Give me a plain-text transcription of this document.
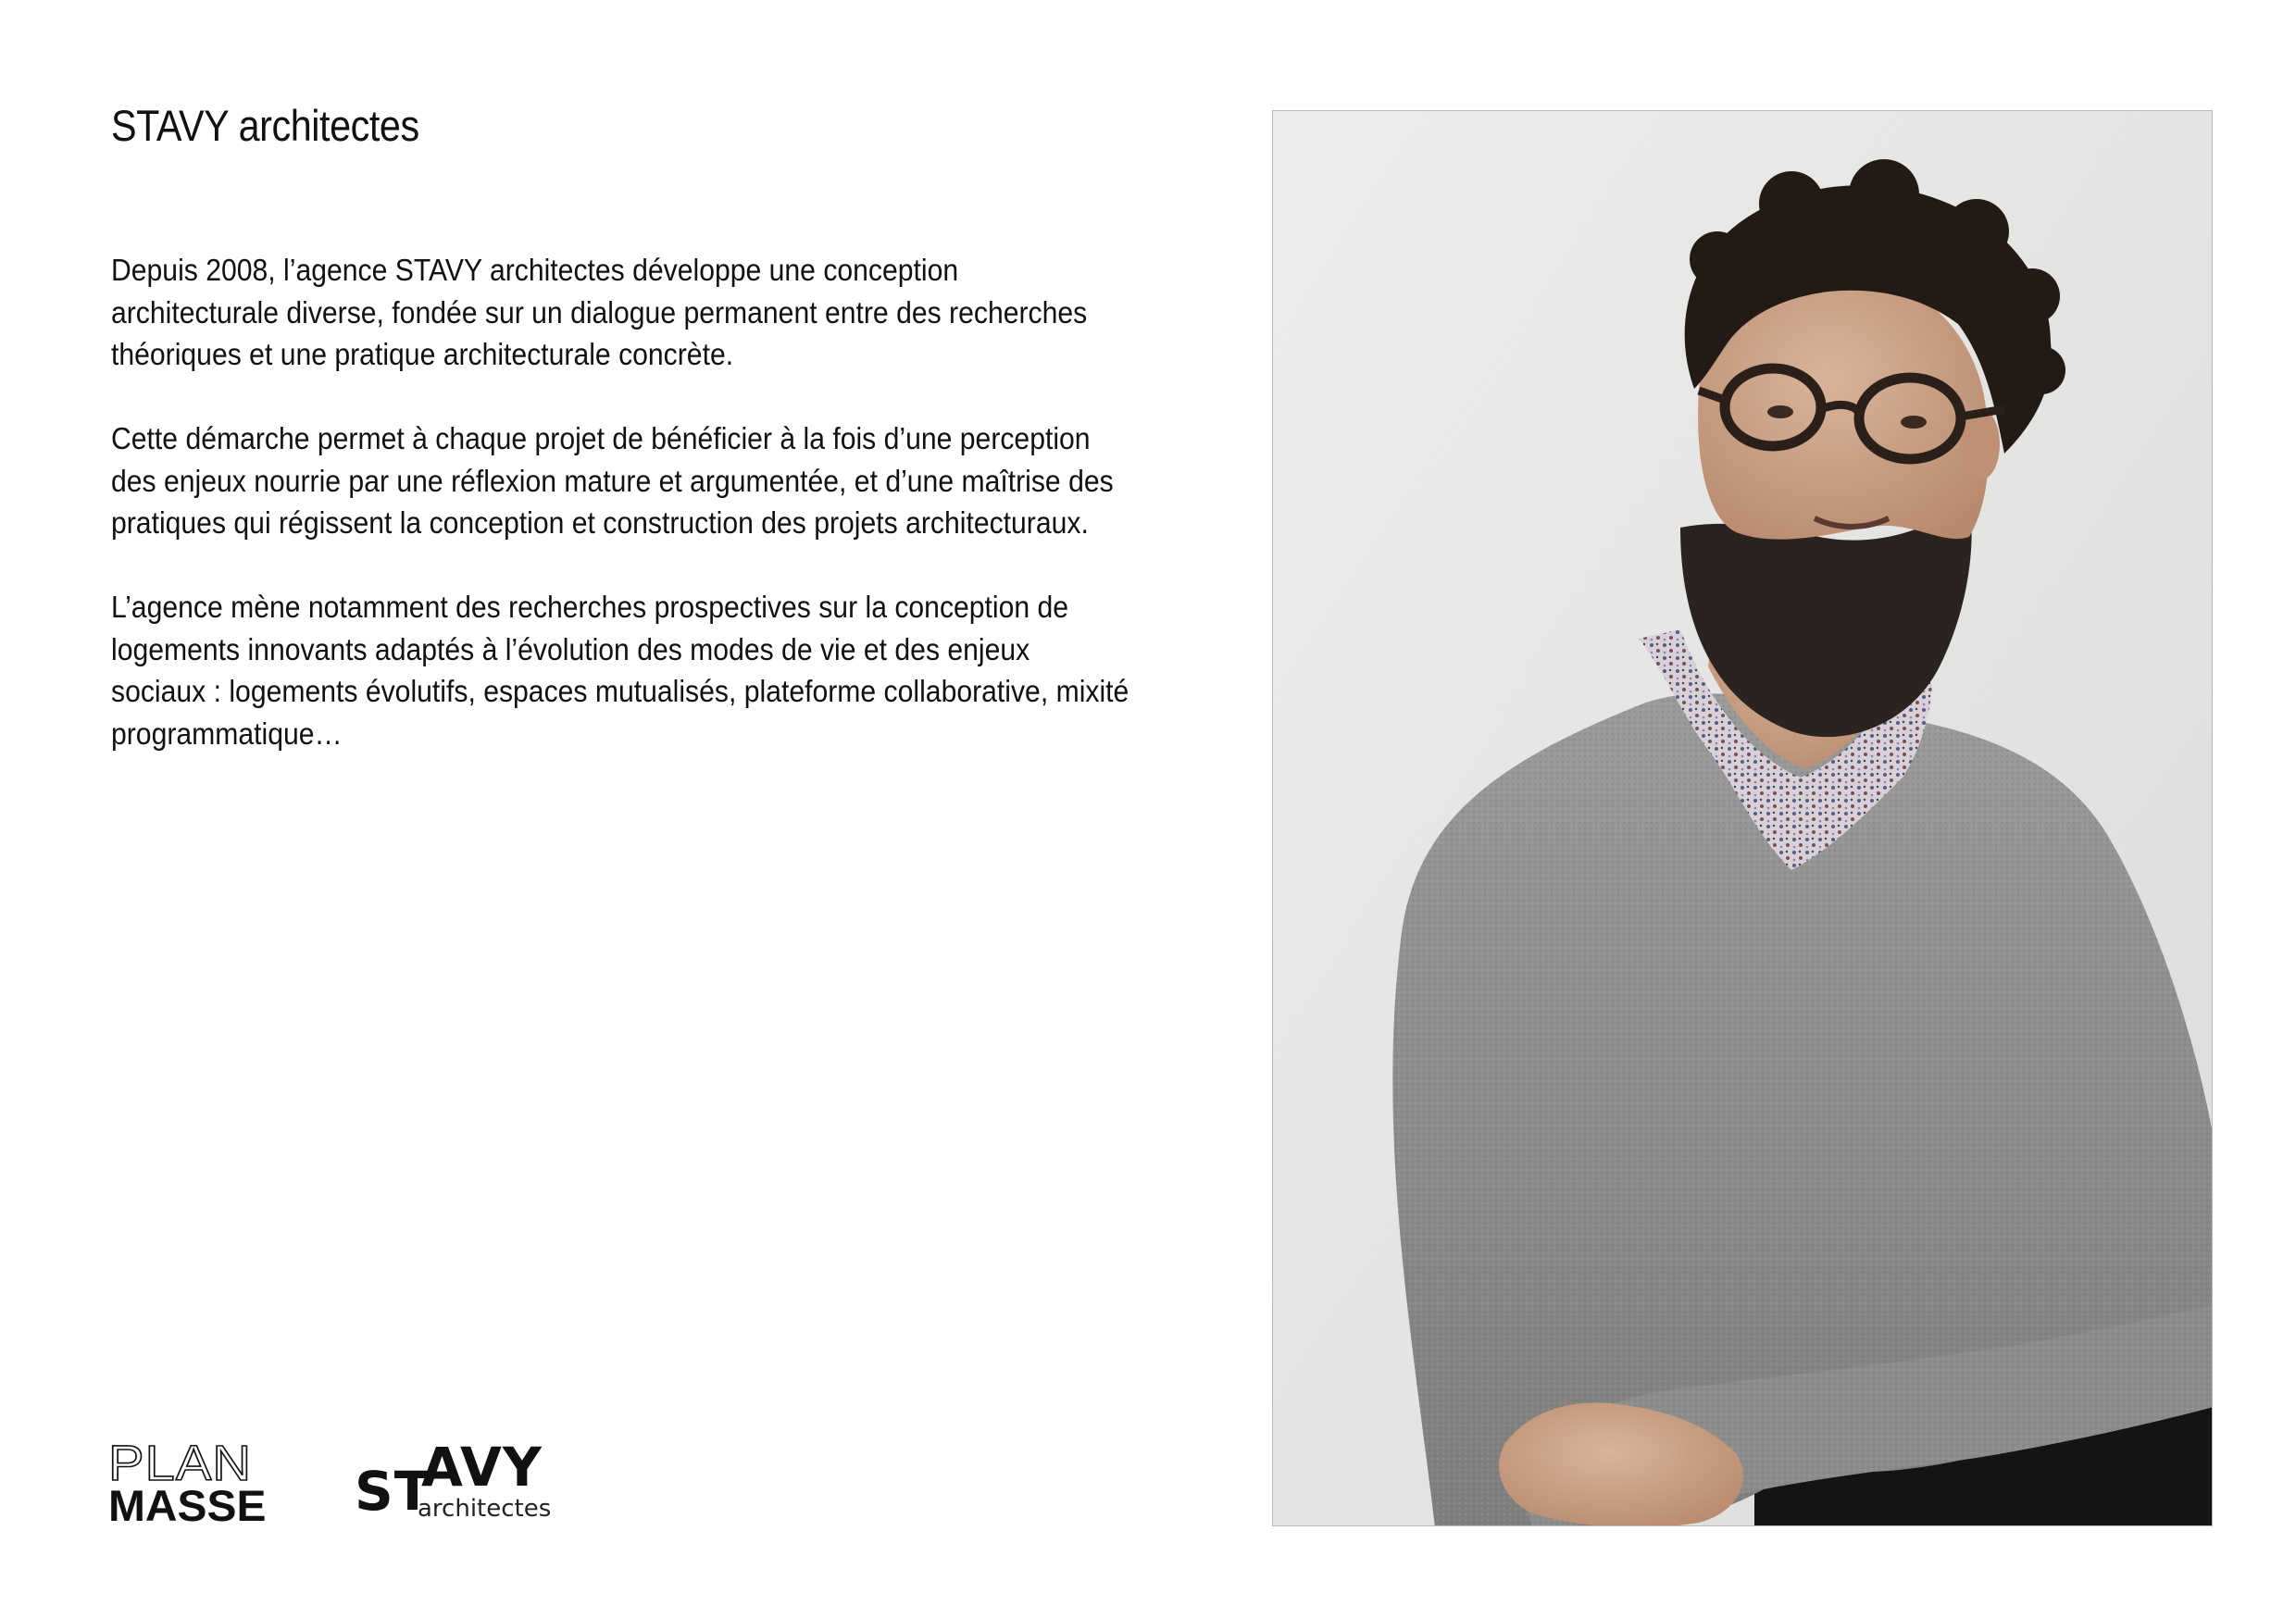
STAVY architectes

Depuis 2008, l’agence STAVY architectes développe une conception
architecturale diverse, fondée sur un dialogue permanent entre des recherches
théoriques et une pratique architecturale concrète.

Cette démarche permet à chaque projet de bénéficier à la fois d’une perception
des enjeux nourrie par une réflexion mature et argumentée, et d’une maîtrise des
pratiques qui régissent la conception et construction des projets architecturaux.

L’agence mène notamment des recherches prospectives sur la conception de
logements innovants adaptés à l’évolution des modes de vie et des enjeux
sociaux : logements évolutifs, espaces mutualisés, plateforme collaborative, mixité
programmatique…

PLAN
MASSE ST
AVY
architectes
